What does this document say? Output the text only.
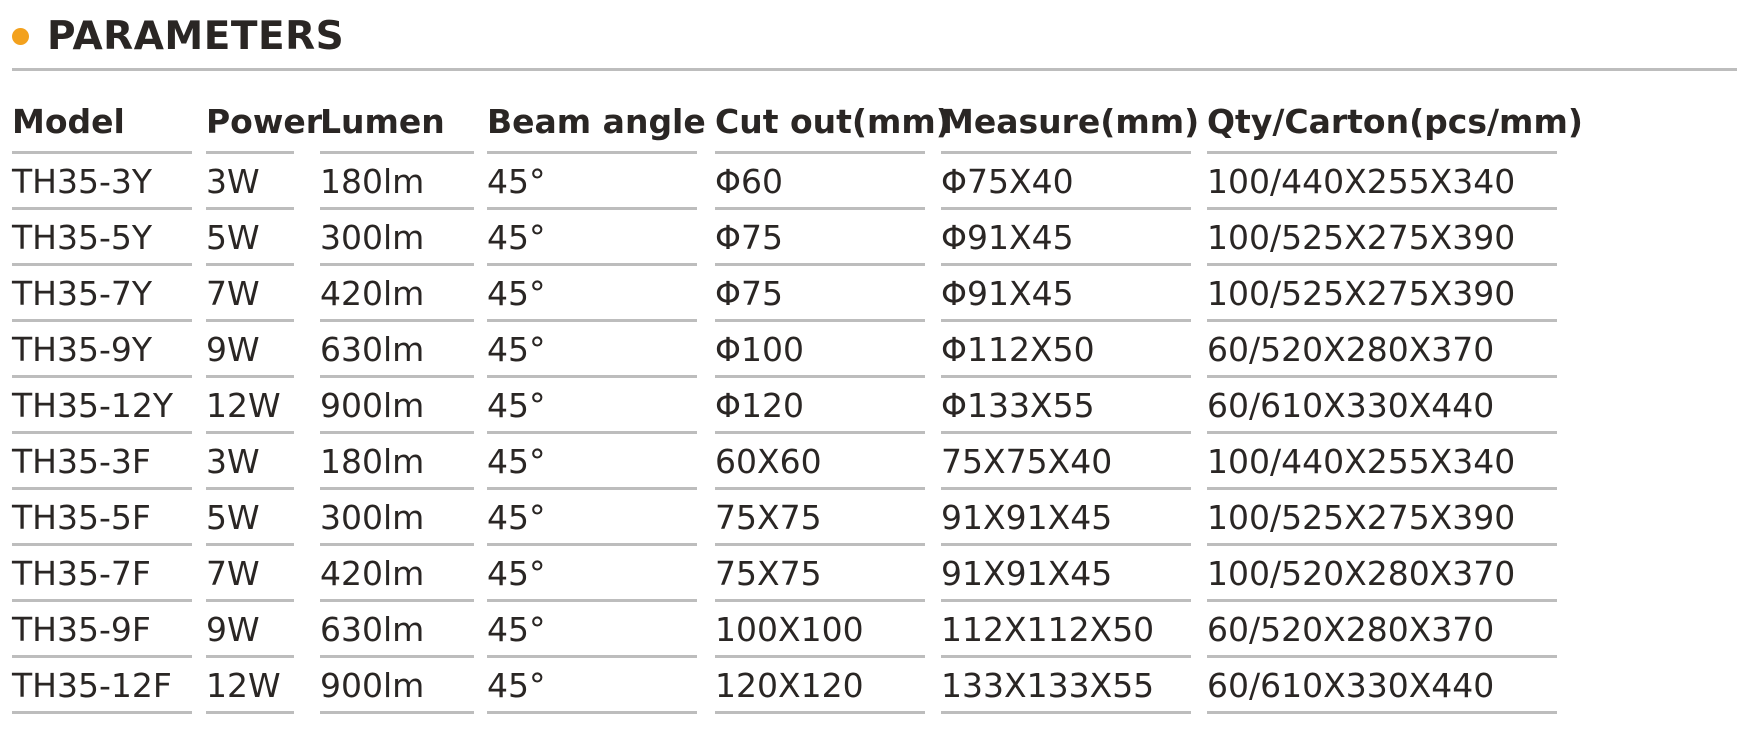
PARAMETERS
Model
TH35-3Y
TH35-5Y
TH35-7Y
TH35-9Y
TH35-12Y
TH35-3F
TH35-5F
TH35-7F
TH35-9F
TH35-12F
Power
3W
5W
7W
9W
12W
3W
5W
7W
9W
12W
Lumen
180lm
300lm
420lm
630lm
900lm
180lm
300lm
420lm
630lm
900lm
Beam angle
45°
45°
45°
45°
45°
45°
45°
45°
45°
45°
Cut out(mm)
Φ60
Φ75
Φ75
Φ100
Φ120
60X60
75X75
75X75
100X100
120X120
Measure(mm)
Φ75X40
Φ91X45
Φ91X45
Φ112X50
Φ133X55
75X75X40
91X91X45
91X91X45
112X112X50
133X133X55
Qty/Carton(pcs/mm)
100/440X255X340
100/525X275X390
100/525X275X390
60/520X280X370
60/610X330X440
100/440X255X340
100/525X275X390
100/520X280X370
60/520X280X370
60/610X330X440
